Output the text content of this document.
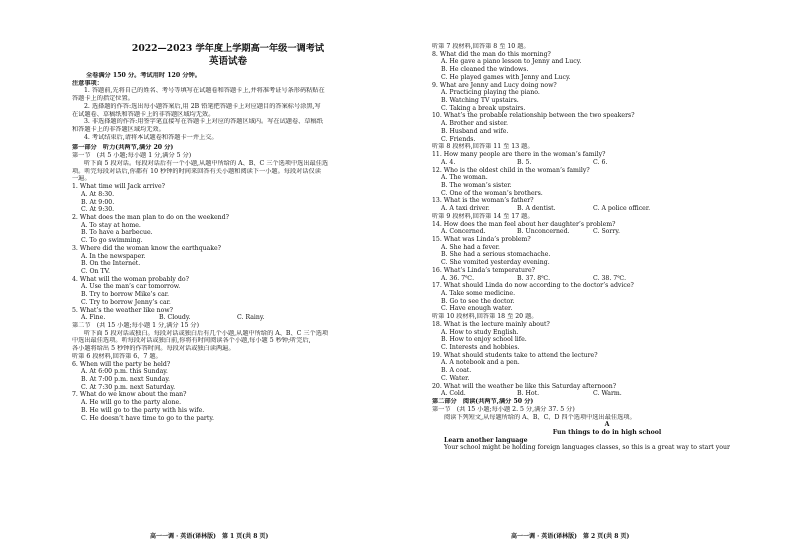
2022—2023 学年度上学期高一年级一调考试
英语试卷
全卷满分 150 分。考试用时 120 分钟。
注意事项：
1. 答题前,先将自己的姓名、考号等填写在试题卷和答题卡上,并将准考证号条形码粘贴在
答题卡上的指定位置。
2. 选择题的作答:选出每小题答案后,用 2B 铅笔把答题卡上对应题目的答案标号涂黑,写
在试题卷、草稿纸和答题卡上的非答题区域均无效。
3. 非选择题的作答:用签字笔直接写在答题卡上对应的答题区域内。写在试题卷、草稿纸
和答题卡上的非答题区域均无效。
4. 考试结束后,请将本试题卷和答题卡一并上交。
第一部分　听力(共两节,满分 20 分)
第一节　(共 5 小题;每小题 1 分,满分 5 分)
听下面 5 段对话。每段对话后有一个小题,从题中所给的 A、B、C 三个选项中选出最佳选
项。听完每段对话后,你都有 10 秒钟的时间来回答有关小题和阅读下一小题。每段对话仅读
一遍。
1. What time will Jack arrive?
A. At 8:30.
B. At 9:00.
C. At 9:30.
2. What does the man plan to do on the weekend?
A. To stay at home.
B. To have a barbecue.
C. To go swimming.
3. Where did the woman know the earthquake?
A. In the newspaper.
B. On the Internet.
C. On TV.
4. What will the woman probably do?
A. Use the man’s car tomorrow.
B. Try to borrow Mike’s car.
C. Try to borrow Jenny’s car.
5. What’s the weather like now?
A. Fine.	B. Cloudy.	C. Rainy.
第二节　(共 15 小题;每小题 1 分,满分 15 分)
听下面 5 段对话或独白。每段对话或独白后有几个小题,从题中所给的 A、B、C 三个选项
中选出最佳选项。听每段对话或独白前,你将有时间阅读各个小题,每小题 5 秒钟;听完后,
各小题将给出 5 秒钟的作答时间。每段对话或独白读两遍。
听第 6 段材料,回答第 6、7 题。
6. When will the party be held?
A. At 6:00 p.m. this Sunday.
B. At 7:00 p.m. next Sunday.
C. At 7:30 p.m. next Saturday.
7. What do we know about the man?
A. He will go to the party alone.
B. He will go to the party with his wife.
C. He doesn’t have time to go to the party.
高一一调 · 英语(译林版)　第 1 页(共 8 页)
听第 7 段材料,回答第 8 至 10 题。
8. What did the man do this morning?
A. He gave a piano lesson to Jenny and Lucy.
B. He cleaned the windows.
C. He played games with Jenny and Lucy.
9. What are Jenny and Lucy doing now?
A. Practicing playing the piano.
B. Watching TV upstairs.
C. Taking a break upstairs.
10. What’s the probable relationship between the two speakers?
A. Brother and sister.
B. Husband and wife.
C. Friends.
听第 8 段材料,回答第 11 至 13 题。
11. How many people are there in the woman’s family?
A. 4.	B. 5.	C. 6.
12. Who is the oldest child in the woman’s family?
A. The woman.
B. The woman’s sister.
C. One of the woman’s brothers.
13. What is the woman’s father?
A. A taxi driver.	B. A dentist.	C. A police officer.
听第 9 段材料,回答第 14 至 17 题。
14. How does the man feel about her daughter’s problem?
A. Concerned.	B. Unconcerned.	C. Sorry.
15. What was Linda’s problem?
A. She had a fever.
B. She had a serious stomachache.
C. She vomited yesterday evening.
16. What’s Linda’s temperature?
A. 36. 7℃.	B. 37. 8℃.	C. 38. 7℃.
17. What should Linda do now according to the doctor’s advice?
A. Take some medicine.
B. Go to see the doctor.
C. Have enough water.
听第 10 段材料,回答第 18 至 20 题。
18. What is the lecture mainly about?
A. How to study English.
B. How to enjoy school life.
C. Interests and hobbies.
19. What should students take to attend the lecture?
A. A notebook and a pen.
B. A coat.
C. Water.
20. What will the weather be like this Saturday afternoon?
A. Cold.	B. Hot.	C. Warm.
第二部分　阅读(共两节,满分 50 分)
第一节　(共 15 小题;每小题 2. 5 分,满分 37. 5 分)
阅读下列短文,从每题所给的 A、B、C、D 四个选项中选出最佳选项。
A
Fun things to do in high school
Learn another language
Your school might be holding foreign languages classes, so this is a great way to start your
高一一调 · 英语(译林版)　第 2 页(共 8 页)
